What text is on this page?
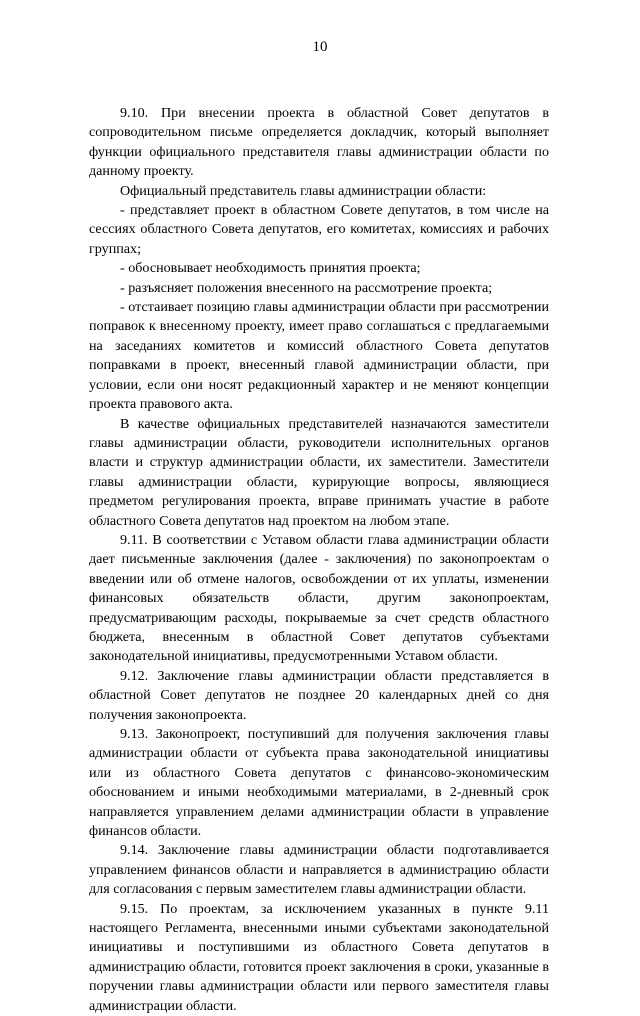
10

9.10. При внесении проекта в областной Совет депутатов в сопроводительном письме определяется докладчик, который выполняет функции официального представителя главы администрации области по данному проекту.

Официальный представитель главы администрации области:

- представляет проект в областном Совете депутатов, в том числе на сессиях областного Совета депутатов, его комитетах, комиссиях и рабочих группах;

- обосновывает необходимость принятия проекта;

- разъясняет положения внесенного на рассмотрение проекта;

- отстаивает позицию главы администрации области при рассмотрении поправок к внесенному проекту, имеет право соглашаться с предлагаемыми на заседаниях комитетов и комиссий областного Совета депутатов поправками в проект, внесенный главой администрации области, при условии, если они носят редакционный характер и не меняют концепции проекта правового акта.

В качестве официальных представителей назначаются заместители главы администрации области, руководители исполнительных органов власти и структур администрации области, их заместители. Заместители главы администрации области, курирующие вопросы, являющиеся предметом регулирования проекта, вправе принимать участие в работе областного Совета депутатов над проектом на любом этапе.

9.11. В соответствии с Уставом области глава администрации области дает письменные заключения (далее - заключения) по законопроектам о введении или об отмене налогов, освобождении от их уплаты, изменении финансовых обязательств области, другим законопроектам, предусматривающим расходы, покрываемые за счет средств областного бюджета, внесенным в областной Совет депутатов субъектами законодательной инициативы, предусмотренными Уставом области.

9.12. Заключение главы администрации области представляется в областной Совет депутатов не позднее 20 календарных дней со дня получения законопроекта.

9.13. Законопроект, поступивший для получения заключения главы администрации области от субъекта права законодательной инициативы или из областного Совета депутатов с финансово-экономическим обоснованием и иными необходимыми материалами, в 2-дневный срок направляется управлением делами администрации области в управление финансов области.

9.14. Заключение главы администрации области подготавливается управлением финансов области и направляется в администрацию области для согласования с первым заместителем главы администрации области.

9.15. По проектам, за исключением указанных в пункте 9.11 настоящего Регламента, внесенными иными субъектами законодательной инициативы и поступившими из областного Совета депутатов в администрацию области, готовится проект заключения в сроки, указанные в поручении главы администрации области или первого заместителя главы администрации области.
